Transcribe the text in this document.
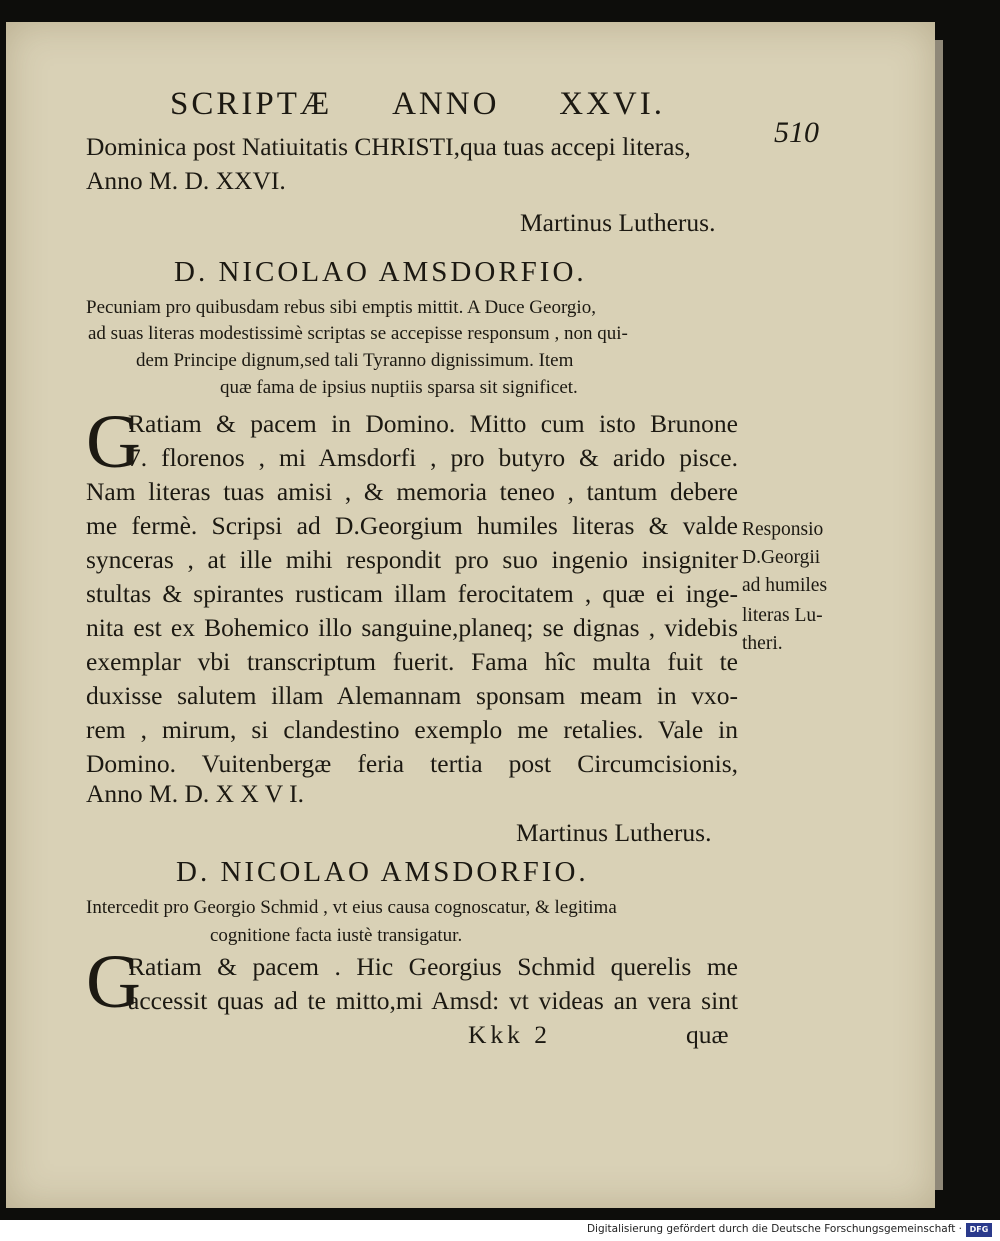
SCRIPTÆ ANNO XXVI.
510
Dominica post Natiuitatis CHRISTI,qua tuas accepi literas,
Anno M. D. XXVI.
Martinus Lutherus.
D. NICOLAO AMSDORFIO.
Pecuniam pro quibusdam rebus sibi emptis mittit. A Duce Georgio,
ad suas literas modestissimè scriptas se accepisse responsum , non qui-
dem Principe dignum,sed tali Tyranno dignissimum. Item
quæ fama de ipsius nuptiis sparsa sit significet.
G
Ratiam & pacem in Domino. Mitto cum isto Brunone
7. florenos , mi Amsdorfi , pro butyro & arido pisce.
Nam literas tuas amisi , & memoria teneo , tantum debere
me fermè. Scripsi ad D.Georgium humiles literas & valde
synceras , at ille mihi respondit pro suo ingenio insigniter
stultas & spirantes rusticam illam ferocitatem , quæ ei inge-
nita est ex Bohemico illo sanguine,planeq; se dignas , videbis
exemplar vbi transcriptum fuerit. Fama hîc multa fuit te
duxisse salutem illam Alemannam sponsam meam in vxo-
rem , mirum, si clandestino exemplo me retalies. Vale in
Domino. Vuitenbergæ feria tertia post Circumcisionis,
Anno M. D. X X V I.
Martinus Lutherus.
Responsio
D.Georgii
ad humiles
literas Lu-
theri.
D. NICOLAO AMSDORFIO.
Intercedit pro Georgio Schmid , vt eius causa cognoscatur, & legitima
cognitione facta iustè transigatur.
G
Ratiam & pacem . Hic Georgius Schmid querelis me
accessit quas ad te mitto,mi Amsd: vt videas an vera sint
Kkk 2	quæ
Digitalisierung gefördert durch die Deutsche Forschungsgemeinschaft · DFG
